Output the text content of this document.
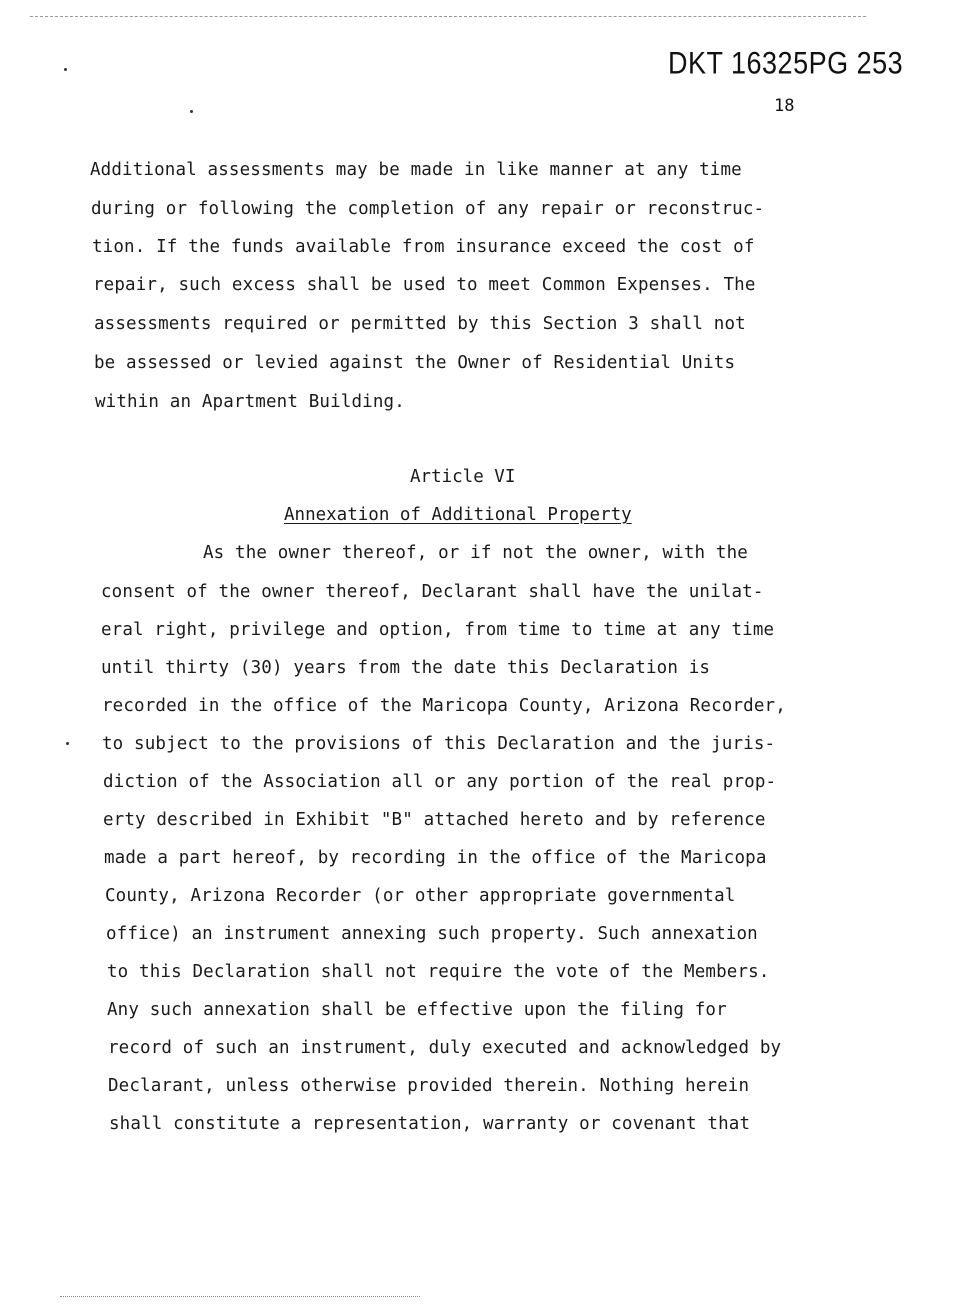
DKT 16325PG 253
18
Additional assessments may be made in like manner at any time
during or following the completion of any repair or reconstruc-
tion. If the funds available from insurance exceed the cost of
repair, such excess shall be used to meet Common Expenses. The
assessments required or permitted by this Section 3 shall not
be assessed or levied against the Owner of Residential Units
within an Apartment Building.
Article VI
Annexation of Additional Property
As the owner thereof, or if not the owner, with the
consent of the owner thereof, Declarant shall have the unilat-
eral right, privilege and option, from time to time at any time
until thirty (30) years from the date this Declaration is
recorded in the office of the Maricopa County, Arizona Recorder,
to subject to the provisions of this Declaration and the juris-
diction of the Association all or any portion of the real prop-
erty described in Exhibit "B" attached hereto and by reference
made a part hereof, by recording in the office of the Maricopa
County, Arizona Recorder (or other appropriate governmental
office) an instrument annexing such property. Such annexation
to this Declaration shall not require the vote of the Members.
Any such annexation shall be effective upon the filing for
record of such an instrument, duly executed and acknowledged by
Declarant, unless otherwise provided therein. Nothing herein
shall constitute a representation, warranty or covenant that
